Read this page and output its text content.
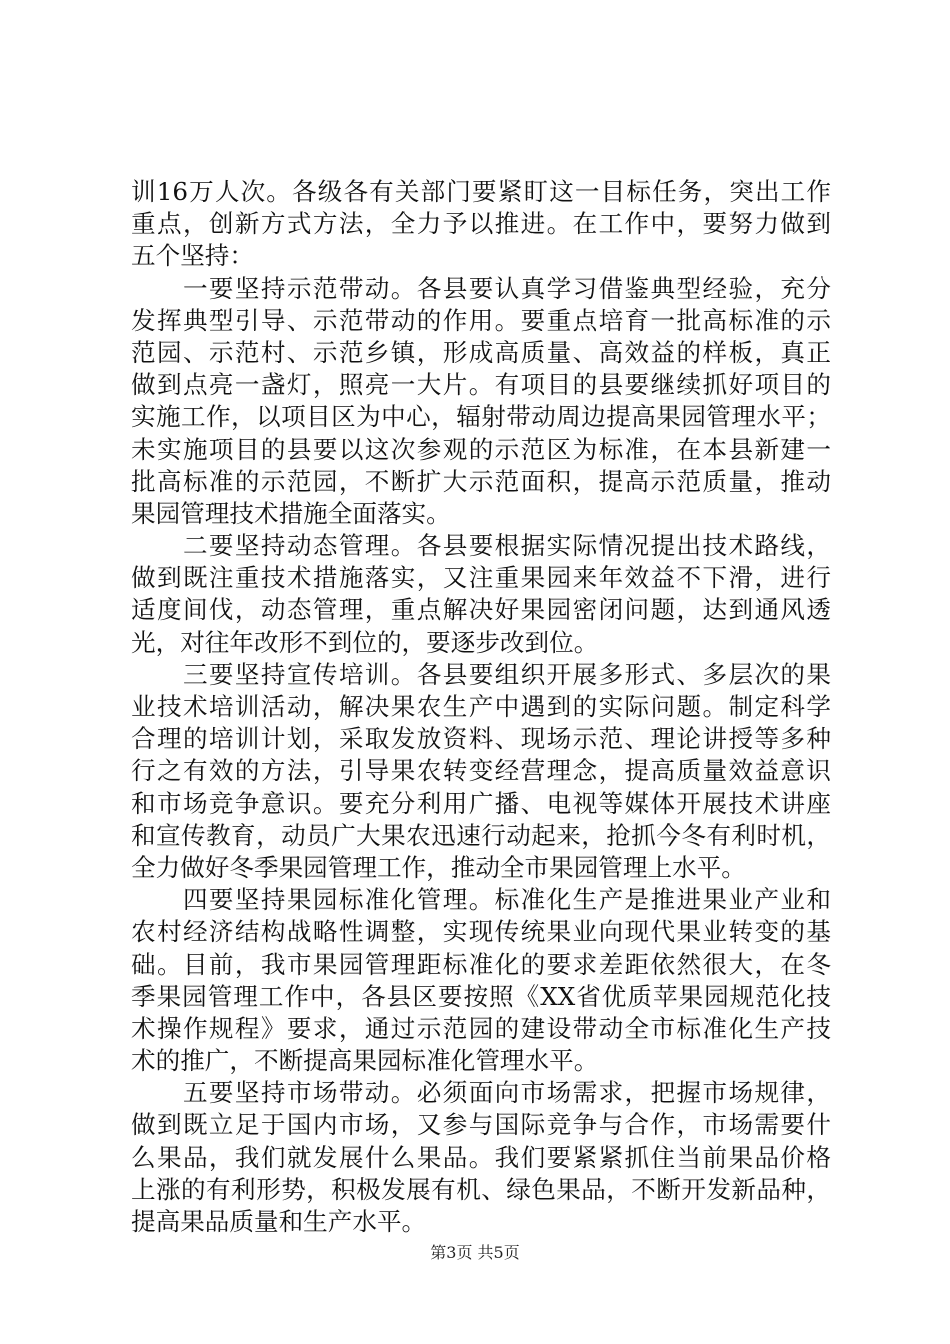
训16万人次。各级各有关部门要紧盯这一目标任务，突出工作
重点，创新方式方法，全力予以推进。在工作中，要努力做到
五个坚持：
　　一要坚持示范带动。各县要认真学习借鉴典型经验，充分
发挥典型引导、示范带动的作用。要重点培育一批高标准的示
范园、示范村、示范乡镇，形成高质量、高效益的样板，真正
做到点亮一盏灯，照亮一大片。有项目的县要继续抓好项目的
实施工作，以项目区为中心，辐射带动周边提高果园管理水平；
未实施项目的县要以这次参观的示范区为标准，在本县新建一
批高标准的示范园，不断扩大示范面积，提高示范质量，推动
果园管理技术措施全面落实。
　　二要坚持动态管理。各县要根据实际情况提出技术路线，
做到既注重技术措施落实，又注重果园来年效益不下滑，进行
适度间伐，动态管理，重点解决好果园密闭问题，达到通风透
光，对往年改形不到位的，要逐步改到位。
　　三要坚持宣传培训。各县要组织开展多形式、多层次的果
业技术培训活动，解决果农生产中遇到的实际问题。制定科学
合理的培训计划，采取发放资料、现场示范、理论讲授等多种
行之有效的方法，引导果农转变经营理念，提高质量效益意识
和市场竞争意识。要充分利用广播、电视等媒体开展技术讲座
和宣传教育，动员广大果农迅速行动起来，抢抓今冬有利时机，
全力做好冬季果园管理工作，推动全市果园管理上水平。
　　四要坚持果园标准化管理。标准化生产是推进果业产业和
农村经济结构战略性调整，实现传统果业向现代果业转变的基
础。目前，我市果园管理距标准化的要求差距依然很大，在冬
季果园管理工作中，各县区要按照《XX省优质苹果园规范化技
术操作规程》要求，通过示范园的建设带动全市标准化生产技
术的推广，不断提高果园标准化管理水平。
　　五要坚持市场带动。必须面向市场需求，把握市场规律，
做到既立足于国内市场，又参与国际竞争与合作，市场需要什
么果品，我们就发展什么果品。我们要紧紧抓住当前果品价格
上涨的有利形势，积极发展有机、绿色果品，不断开发新品种，
提高果品质量和生产水平。
第3页 共5页
